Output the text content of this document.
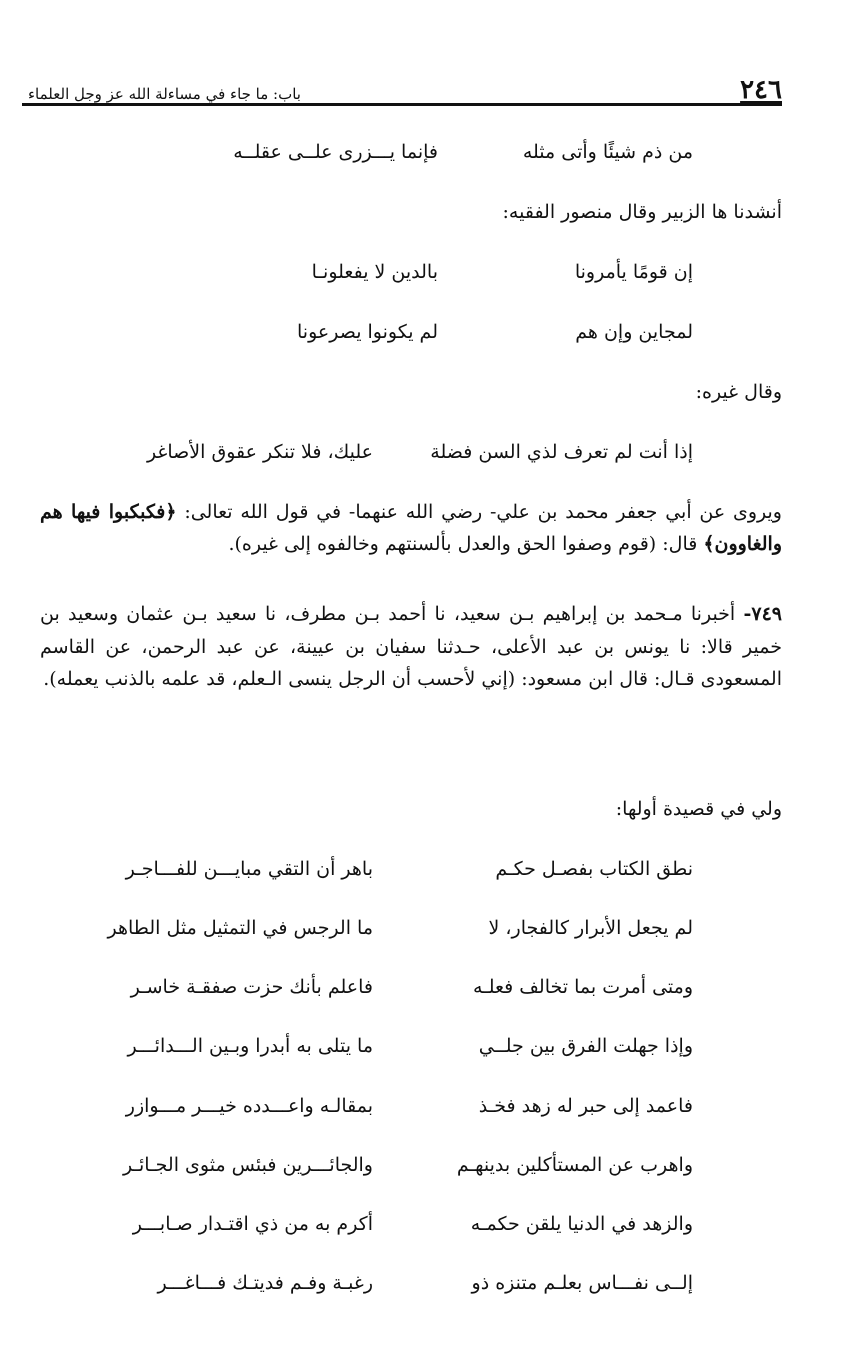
٢٤٦
باب: ما جاء في مساءلة الله عز وجل العلماء
من ذم شيئًا وأتى مثله
فإنما يـــزرى علــى عقلــه
أنشدنا ها الزبير وقال منصور الفقيه:
إن قومًا يأمرونا
بالدين لا يفعلونـا
لمجاين وإن هم
لم يكونوا يصرعونا
وقال غيره:
إذا أنت لم تعرف لذي السن فضلة
عليك، فلا تنكر عقوق الأصاغر
ويروى عن أبي جعفر محمد بن علي- رضي الله عنهما- في قول الله تعالى: ﴿فكبكبوا فيها هم والغاوون﴾ قال: (قوم وصفوا الحق والعدل بألسنتهم وخالفوه إلى غيره).
٧٤٩- أخبرنا مـحمد بن إبراهيم بـن سعيد، نا أحمد بـن مطرف، نا سعيد بـن عثمان وسعيد بن خمير قالا: نا يونس بن عبد الأعلى، حـدثنا سفيان بن عيينة، عن عبد الرحمن، عن القاسم المسعودى قـال: قال ابن مسعود: (إني لأحسب أن الرجل ينسى الـعلم، قد علمه بالذنب يعمله).
ولي في قصيدة أولها:
نطق الكتاب بفصـل حكـم
باهر أن التقي مبايـــن للفـــاجـر
لم يجعل الأبرار كالفجار، لا
ما الرجس في التمثيل مثل الطاهر
ومتى أمرت بما تخالف فعلـه
فاعلم بأنك حزت صفقـة خاسـر
وإذا جهلت الفرق بين جلــي
ما يتلى به أبدرا وبـين الـــدائـــر
فاعمد إلى حبر له زهد فخـذ
بمقالـه واعـــدده خيـــر مـــوازر
واهرب عن المستأكلين بدينهـم
والجائـــرين فبئس مثوى الجـائـر
والزهد في الدنيا يلقن حكمـه
أكرم به من ذي اقتـدار صـابـــر
إلــى نفـــاس بعلـم متنزه ذو
رغبـة وفـم فديتـك فـــاغـــر
